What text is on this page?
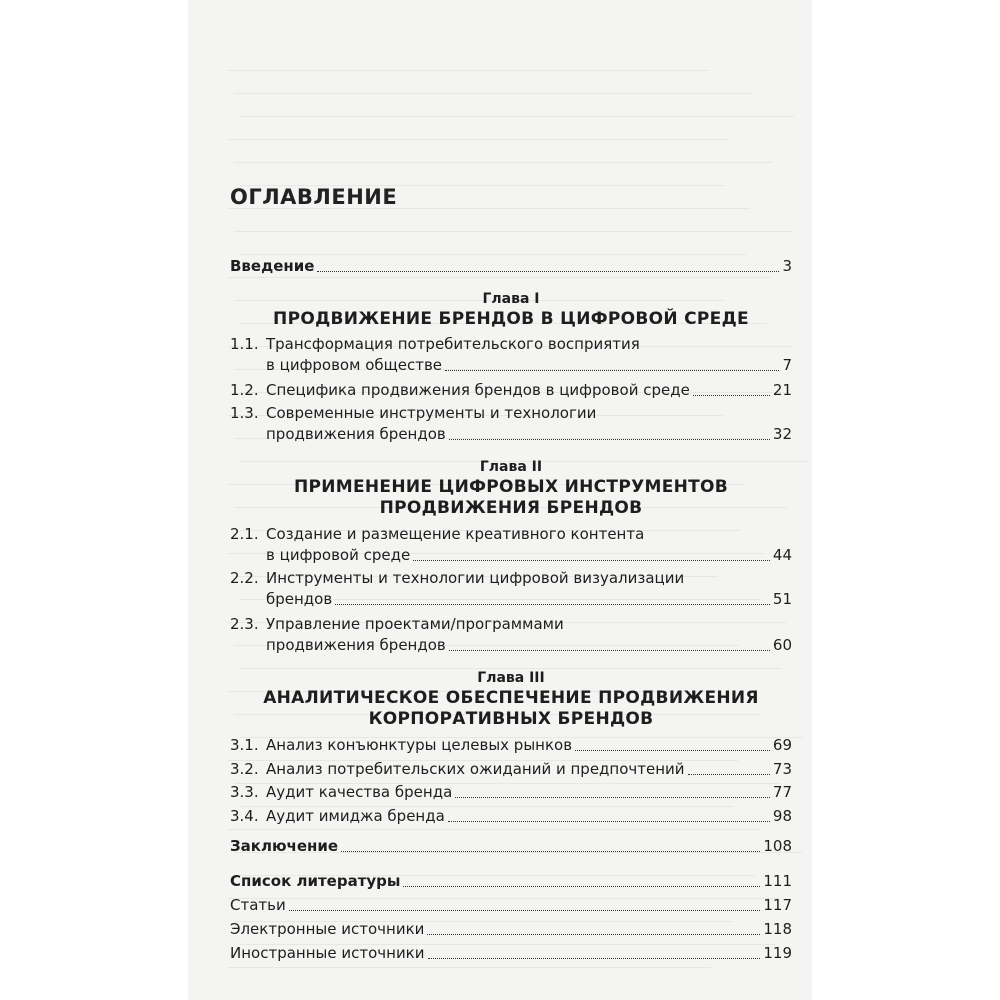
ОГЛАВЛЕНИЕ
Введение	3
Глава I
ПРОДВИЖЕНИЕ БРЕНДОВ В ЦИФРОВОЙ СРЕДЕ
1.1. Трансформация потребительского восприятия
в цифровом обществе	7
1.2. Специфика продвижения брендов в цифровой среде	21
1.3. Современные инструменты и технологии
продвижения брендов	32
Глава II
ПРИМЕНЕНИЕ ЦИФРОВЫХ ИНСТРУМЕНТОВ
ПРОДВИЖЕНИЯ БРЕНДОВ
2.1. Создание и размещение креативного контента
в цифровой среде	44
2.2. Инструменты и технологии цифровой визуализации
брендов	51
2.3. Управление проектами/программами
продвижения брендов	60
Глава III
АНАЛИТИЧЕСКОЕ ОБЕСПЕЧЕНИЕ ПРОДВИЖЕНИЯ
КОРПОРАТИВНЫХ БРЕНДОВ
3.1. Анализ конъюнктуры целевых рынков	69
3.2. Анализ потребительских ожиданий и предпочтений	73
3.3. Аудит качества бренда	77
3.4. Аудит имиджа бренда	98
Заключение	108
Список литературы	111
Статьи	117
Электронные источники	118
Иностранные источники	119
